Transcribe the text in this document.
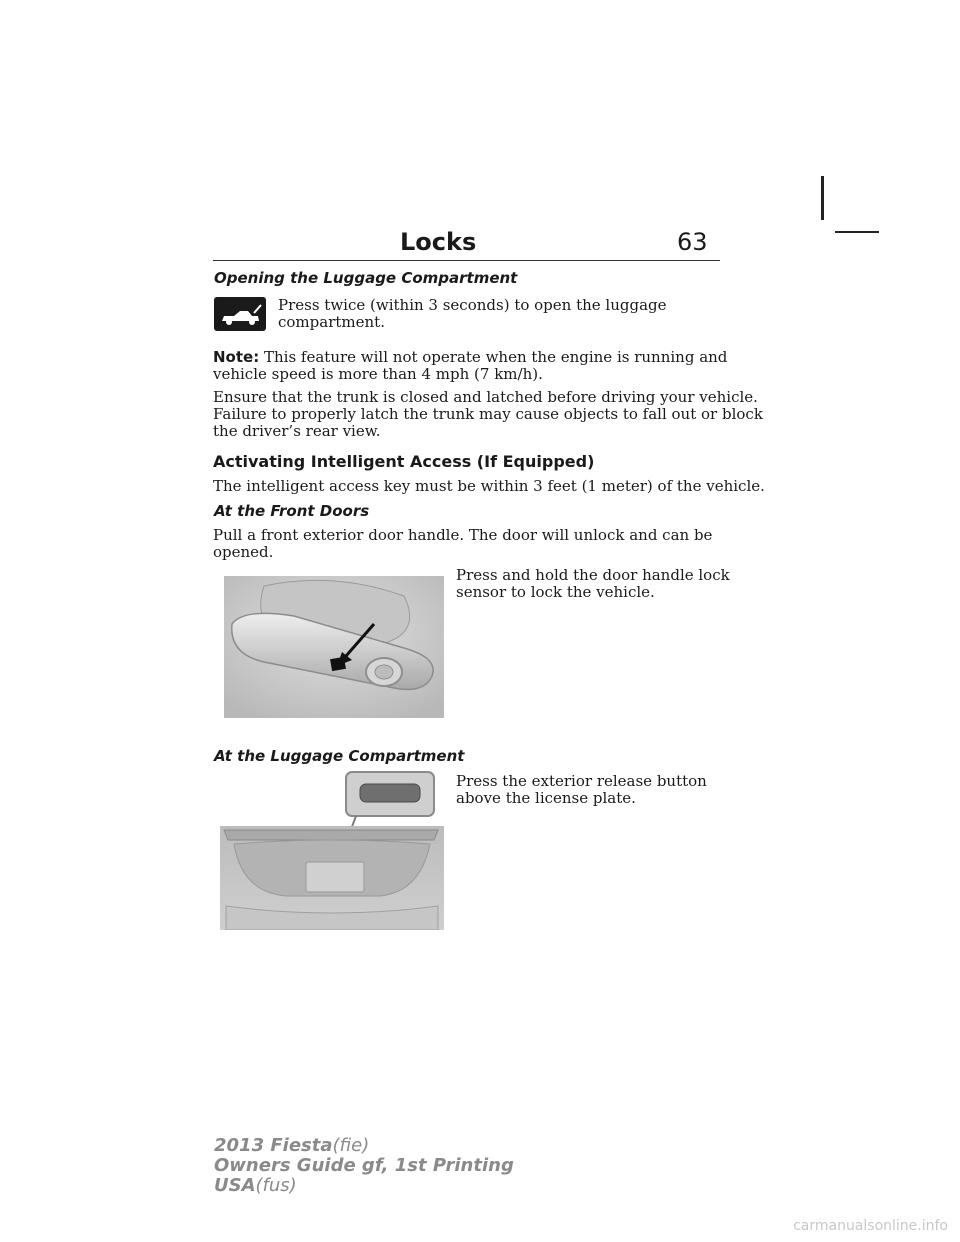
Locks	63
Opening the Luggage Compartment
Press twice (within 3 seconds) to open the luggage
compartment.
Note: This feature will not operate when the engine is running and
vehicle speed is more than 4 mph (7 km/h).
Ensure that the trunk is closed and latched before driving your vehicle.
Failure to properly latch the trunk may cause objects to fall out or block
the driver’s rear view.
Activating Intelligent Access (If Equipped)
The intelligent access key must be within 3 feet (1 meter) of the vehicle.
At the Front Doors
Pull a front exterior door handle. The door will unlock and can be
opened.
Press and hold the door handle lock
sensor to lock the vehicle.
At the Luggage Compartment
Press the exterior release button
above the license plate.
2013 Fiesta(fie)
Owners Guide gf, 1st Printing
USA(fus)
carmanualsonline.info
